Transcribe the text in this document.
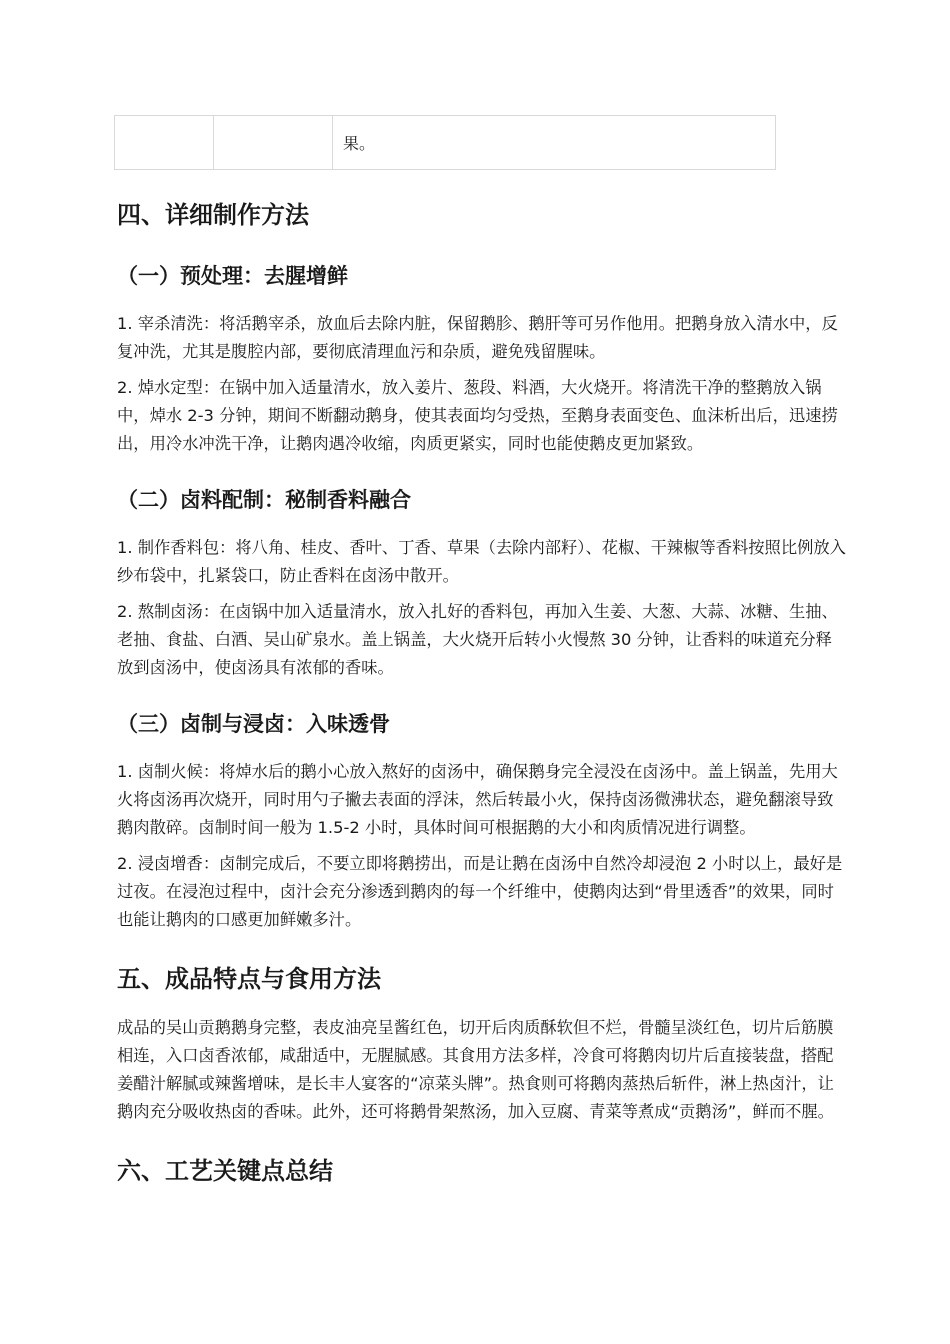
		果。
四、详细制作方法
（一）预处理：去腥增鲜

1. 宰杀清洗：将活鹅宰杀，放血后去除内脏，保留鹅胗、鹅肝等可另作他用。把鹅身放入清水中，反复冲洗，尤其是腹腔内部，要彻底清理血污和杂质，避免残留腥味。

2. 焯水定型：在锅中加入适量清水，放入姜片、葱段、料酒，大火烧开。将清洗干净的整鹅放入锅中，焯水 2-3 分钟，期间不断翻动鹅身，使其表面均匀受热，至鹅身表面变色、血沫析出后，迅速捞出，用冷水冲洗干净，让鹅肉遇冷收缩，肉质更紧实，同时也能使鹅皮更加紧致。

（二）卤料配制：秘制香料融合

1. 制作香料包：将八角、桂皮、香叶、丁香、草果（去除内部籽）、花椒、干辣椒等香料按照比例放入纱布袋中，扎紧袋口，防止香料在卤汤中散开。

2. 熬制卤汤：在卤锅中加入适量清水，放入扎好的香料包，再加入生姜、大葱、大蒜、冰糖、生抽、老抽、食盐、白酒、吴山矿泉水。盖上锅盖，大火烧开后转小火慢熬 30 分钟，让香料的味道充分释放到卤汤中，使卤汤具有浓郁的香味。

（三）卤制与浸卤：入味透骨

1. 卤制火候：将焯水后的鹅小心放入熬好的卤汤中，确保鹅身完全浸没在卤汤中。盖上锅盖，先用大火将卤汤再次烧开，同时用勺子撇去表面的浮沫，然后转最小火，保持卤汤微沸状态，避免翻滚导致鹅肉散碎。卤制时间一般为 1.5-2 小时，具体时间可根据鹅的大小和肉质情况进行调整。

2. 浸卤增香：卤制完成后，不要立即将鹅捞出，而是让鹅在卤汤中自然冷却浸泡 2 小时以上，最好是过夜。在浸泡过程中，卤汁会充分渗透到鹅肉的每一个纤维中，使鹅肉达到“骨里透香”的效果，同时也能让鹅肉的口感更加鲜嫩多汁。

五、成品特点与食用方法

成品的吴山贡鹅鹅身完整，表皮油亮呈酱红色，切开后肉质酥软但不烂，骨髓呈淡红色，切片后筋膜相连，入口卤香浓郁，咸甜适中，无腥腻感。其食用方法多样，冷食可将鹅肉切片后直接装盘，搭配姜醋汁解腻或辣酱增味，是长丰人宴客的“凉菜头牌”。热食则可将鹅肉蒸热后斩件，淋上热卤汁，让鹅肉充分吸收热卤的香味。此外，还可将鹅骨架熬汤，加入豆腐、青菜等煮成“贡鹅汤”，鲜而不腥。

六、工艺关键点总结
